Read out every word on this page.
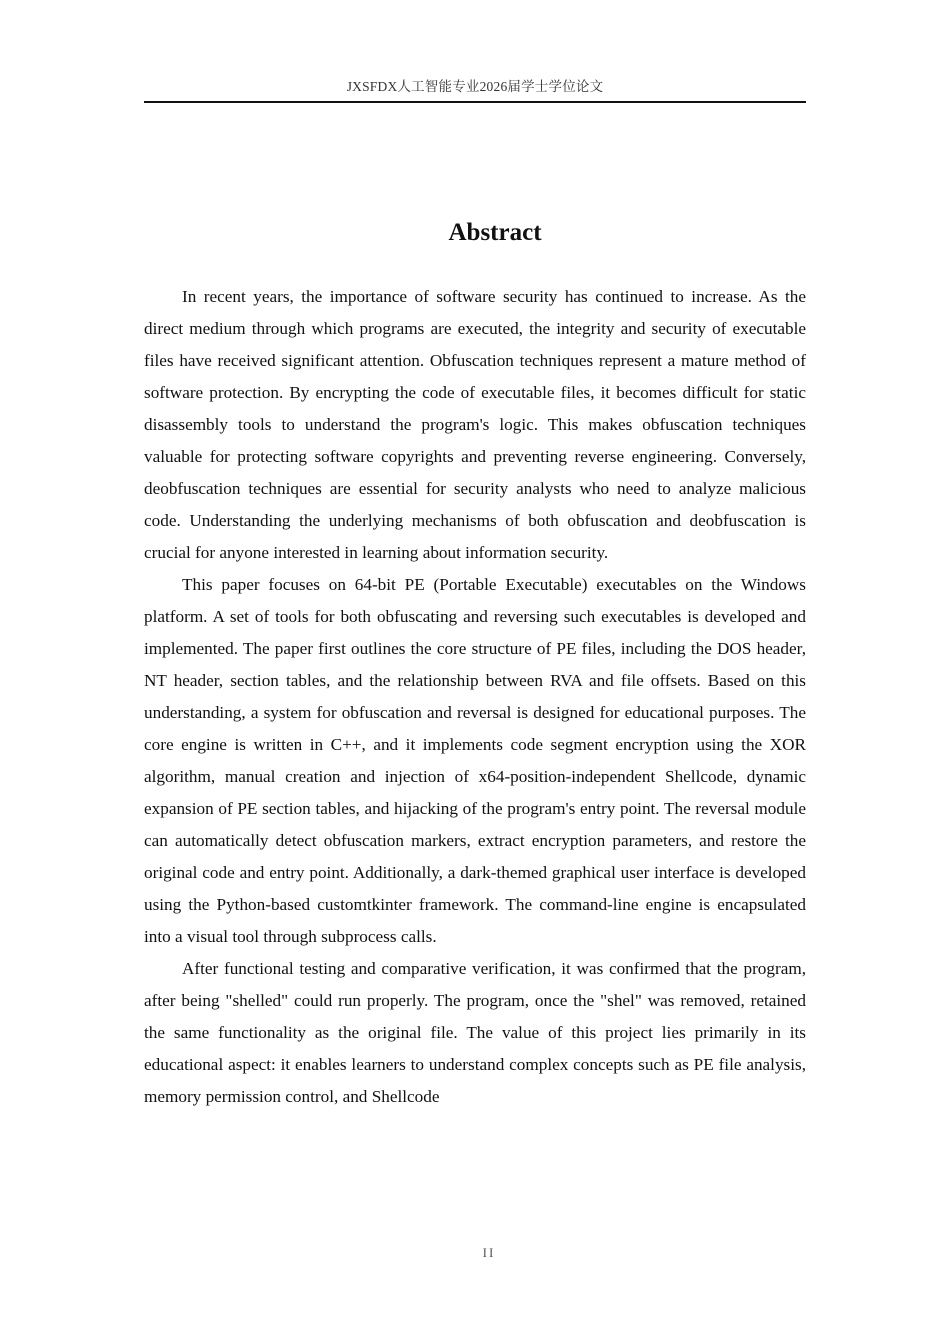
JXSFDX人工智能专业2026届学士学位论文
Abstract

In recent years, the importance of software security has continued to increase. As the direct medium through which programs are executed, the integrity and security of executable files have received significant attention. Obfuscation techniques represent a mature method of software protection. By encrypting the code of executable files, it becomes difficult for static disassembly tools to understand the program's logic. This makes obfuscation techniques valuable for protecting software copyrights and preventing reverse engineering. Conversely, deobfuscation techniques are essential for security analysts who need to analyze malicious code. Understanding the underlying mechanisms of both obfuscation and deobfuscation is crucial for anyone interested in learning about information security.

This paper focuses on 64-bit PE (Portable Executable) executables on the Windows platform. A set of tools for both obfuscating and reversing such executables is developed and implemented. The paper first outlines the core structure of PE files, including the DOS header, NT header, section tables, and the relationship between RVA and file offsets. Based on this understanding, a system for obfuscation and reversal is designed for educational purposes. The core engine is written in C++, and it implements code segment encryption using the XOR algorithm, manual creation and injection of x64-position-independent Shellcode, dynamic expansion of PE section tables, and hijacking of the program's entry point. The reversal module can automatically detect obfuscation markers, extract encryption parameters, and restore the original code and entry point. Additionally, a dark-themed graphical user interface is developed using the Python-based customtkinter framework. The command-line engine is encapsulated into a visual tool through subprocess calls.

After functional testing and comparative verification, it was confirmed that the program, after being "shelled" could run properly. The program, once the "shel" was removed, retained the same functionality as the original file. The value of this project lies primarily in its educational aspect: it enables learners to understand complex concepts such as PE file analysis, memory permission control, and Shellcode

II
